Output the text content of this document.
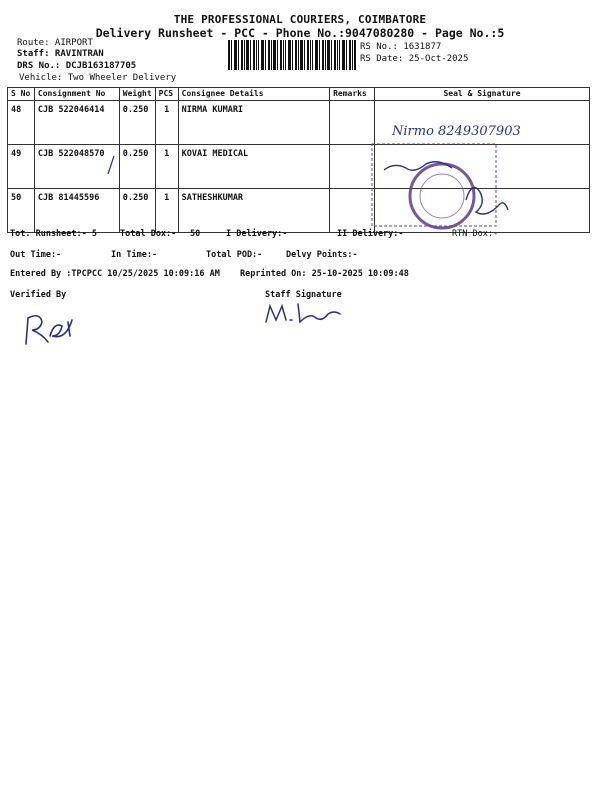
THE PROFESSIONAL COURIERS, COIMBATORE
Delivery Runsheet - PCC - Phone No.:9047080280 - Page No.:5
Route: AIRPORT
Staff: RAVINTRAN
DRS No.: DCJB163187705
Vehicle: Two Wheeler Delivery
RS No.: 1631877
RS Date: 25-Oct-2025
S No	Consignment No	Weight	PCS	Consignee Details	Remarks	Seal & Signature
48	CJB 522046414	0.250	1	NIRMA KUMARI		
49	CJB 522048570	0.250	1	KOVAI MEDICAL		
50	CJB 81445596	0.250	1	SATHESHKUMAR		
Nirmo 8249307903
Tot. Runsheet:- 5	Total Dox:- 50	I Delivery:-	II Delivery:-	RTN Dox:-
Out Time:-	In Time:-	Total POD:-	Delvy Points:-
Entered By :TPCPCC 10/25/2025 10:09:16 AM Reprinted On: 25-10-2025 10:09:48
Verified By	Staff Signature
